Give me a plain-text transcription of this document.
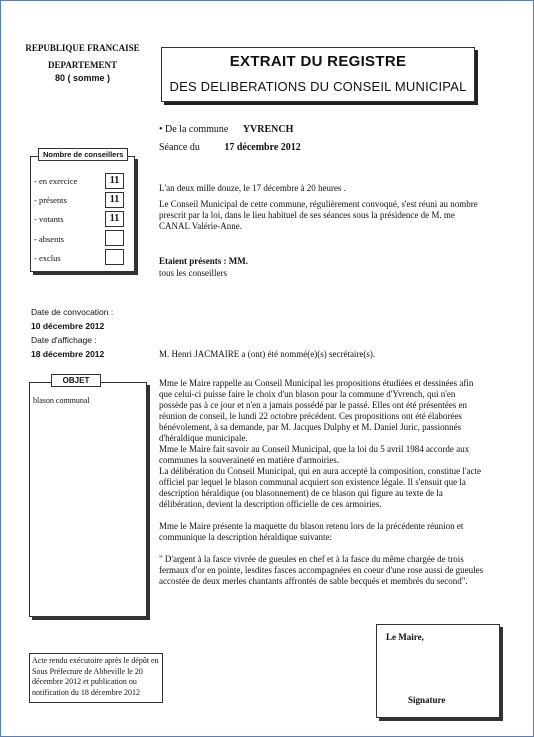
REPUBLIQUE FRANCAISE
DEPARTEMENT
80 ( somme )
EXTRAIT DU REGISTRE
DES DELIBERATIONS DU CONSEIL MUNICIPAL
• De la commune YVRENCH
Séance du 17 décembre 2012
Nombre de conseillers
- en exercice	11
- présents	11
- votants	11
- absents
- exclus
Date de convocation :
10 décembre 2012
Date d'affichage :
18 décembre 2012
OBJET
blason communal
L'an deux mille douze, le 17 décembre à 20 heures .
Le Conseil Municipal de cette commune, régulièrement convoqué, s'est réuni au nombre prescrit par la loi, dans le lieu habituel de ses séances sous la présidence de M. me CANAL Valérie-Anne.
Etaient présents : MM.
tous les conseillers
M. Henri JACMAIRE a (ont) été nommé(e)(s) secrétaire(s).

Mme le Maire rappelle au Conseil Municipal les propositions étudiées et dessinées afin que celui-ci puisse faire le choix d'un blason pour la commune d'Yvrench, qui n'en possède pas à ce jour et n'en a jamais possédé par le passé. Elles ont été présentées en réunion de conseil, le lundi 22 octobre précédent. Ces propositions ont été élaborées bénévolement, à sa demande, par M. Jacques Dulphy et M. Daniel Juric, passionnés d'héraldique municipale.

Mme le Maire fait savoir au Conseil Municipal, que la loi du 5 avril 1984 accorde aux communes la souveraineté en matière d'armoiries.

La délibération du Conseil Municipal, qui en aura accepté la composition, constitue l'acte officiel par lequel le blason communal acquiert son existence légale. Il s'ensuit que la description héraldique (ou blasonnement) de ce blason qui figure au texte de la délibération, devient la description officielle de ces armoiries.

Mme le Maire présente la maquette du blason retenu lors de la précédente réunion et communique la description héraldique suivante:

" D'argent à la fasce vivrée de gueules en chef et à la fasce du même chargée de trois fermaux d'or en pointe, lesdites fasces accompagnées en coeur d'une rose aussi de gueules accostée de deux merles chantants affrontés de sable becqués et membrés du second".

Le Maire,
Signature
Acte rendu exécutoire après le dépôt en Sous Préfecture de Abbeville le 20 décembre 2012 et publication ou notification du 18 décembre 2012
